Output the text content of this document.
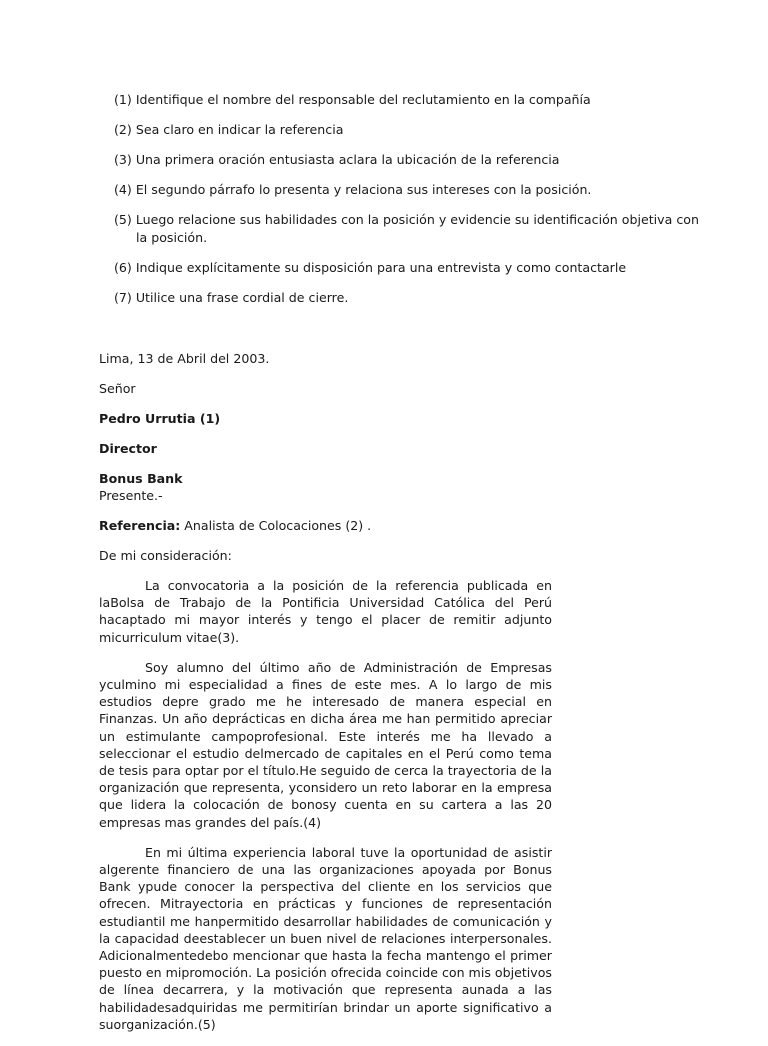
(1) Identifique el nombre del responsable del reclutamiento en la compañía
(2) Sea claro en indicar la referencia
(3) Una primera oración entusiasta aclara la ubicación de la referencia
(4) El segundo párrafo lo presenta y relaciona sus intereses con la posición.
(5) Luego relacione sus habilidades con la posición y evidencie su identificación objetiva con la posición.
(6) Indique explícitamente su disposición para una entrevista y como contactarle
(7) Utilice una frase cordial de cierre.

Lima, 13 de Abril del 2003.

Señor

Pedro Urrutia (1)

Director

Bonus Bank

Presente.-

Referencia: Analista de Colocaciones (2) .

De mi consideración:

La convocatoria a la posición de la referencia publicada en laBolsa de Trabajo de la Pontificia Universidad Católica del Perú hacaptado mi mayor interés y tengo el placer de remitir adjunto micurriculum vitae(3).

Soy alumno del último año de Administración de Empresas yculmino mi especialidad a fines de este mes. A lo largo de mis estudios depre grado me he interesado de manera especial en Finanzas. Un año deprácticas en dicha área me han permitido apreciar un estimulante campoprofesional. Este interés me ha llevado a seleccionar el estudio delmercado de capitales en el Perú como tema de tesis para optar por el título.He seguido de cerca la trayectoria de la organización que representa, yconsidero un reto laborar en la empresa que lidera la colocación de bonosy cuenta en su cartera a las 20 empresas mas grandes del país.(4)

En mi última experiencia laboral tuve la oportunidad de asistir algerente financiero de una las organizaciones apoyada por Bonus Bank ypude conocer la perspectiva del cliente en los servicios que ofrecen. Mitrayectoria en prácticas y funciones de representación estudiantil me hanpermitido desarrollar habilidades de comunicación y la capacidad deestablecer un buen nivel de relaciones interpersonales. Adicionalmentedebo mencionar que hasta la fecha mantengo el primer puesto en mipromoción. La posición ofrecida coincide con mis objetivos de línea decarrera, y la motivación que representa aunada a las habilidadesadquiridas me permitirían brindar un aporte significativo a suorganización.(5)
